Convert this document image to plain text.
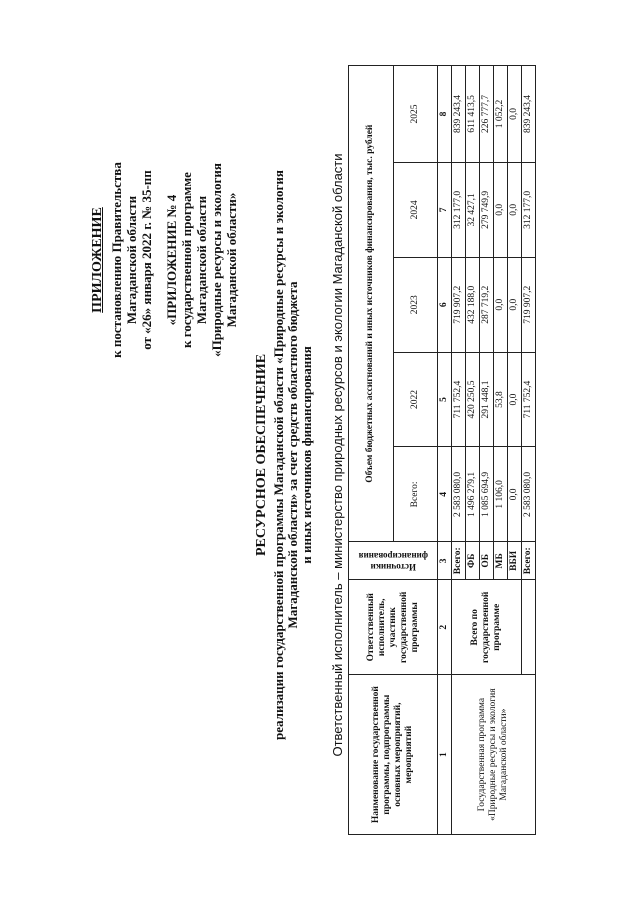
ПРИЛОЖЕНИЕ к постановлению Правительства Магаданской области от «26» января 2022 г. № 35-пп «ПРИЛОЖЕНИЕ № 4 к государственной программе Магаданской области «Природные ресурсы и экология Магаданской области»
РЕСУРСНОЕ ОБЕСПЕЧЕНИЕ реализации государственной программы Магаданской области «Природные ресурсы и экология Магаданской области» за счет средств областного бюджета и иных источников финансирования Ответственный исполнитель – министерство природных ресурсов и экологии Магаданской области	Наименование государственной программы, подпрограммы основных мероприятий, мероприятий	Ответственный исполнитель, участник государственной программы	Источники финансирования	Объем бюджетных ассигнований и иных источников финансирования, тыс. рублей				
			Всего:	2022	2023	2024	2025
1	2	3	4	5	6	7	8
Государственная программа «Природные ресурсы и экология Магаданской области»	Всего по государственной программе	Всего:	2 583 080,0	711 752,4	719 907,2	312 177,0	839 243,4
		ФБ	1 496 279,1	420 250,5	432 188,0	32 427,1	611 413,5
		ОБ	1 085 694,9	291 448,1	287 719,2	279 749,9	226 777,7
		МБ	1 106,0	53,8	0,0	0,0	1 052,2
		ВБИ	0,0	0,0	0,0	0,0	0,0
		Всего:	2 583 080,0	711 752,4	719 907,2	312 177,0	839 243,4
